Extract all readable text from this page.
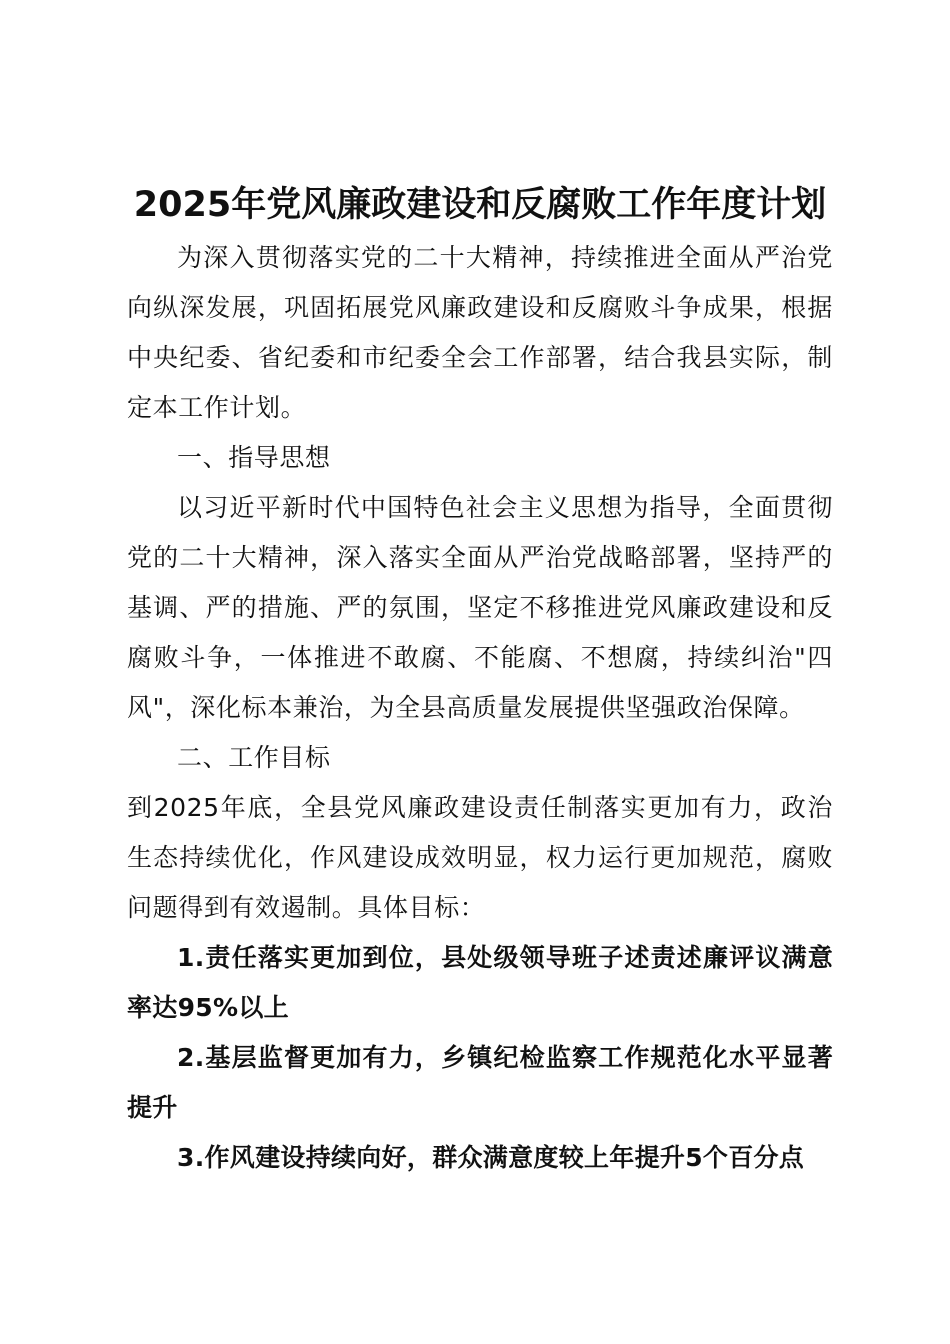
2025年党风廉政建设和反腐败工作年度计划

为深入贯彻落实党的二十大精神，持续推进全面从严治党向纵深发展，巩固拓展党风廉政建设和反腐败斗争成果，根据中央纪委、省纪委和市纪委全会工作部署，结合我县实际，制定本工作计划。

一、指导思想

以习近平新时代中国特色社会主义思想为指导，全面贯彻党的二十大精神，深入落实全面从严治党战略部署，坚持严的基调、严的措施、严的氛围，坚定不移推进党风廉政建设和反腐败斗争，一体推进不敢腐、不能腐、不想腐，持续纠治"四风"，深化标本兼治，为全县高质量发展提供坚强政治保障。

二、工作目标

到2025年底，全县党风廉政建设责任制落实更加有力，政治生态持续优化，作风建设成效明显，权力运行更加规范，腐败问题得到有效遏制。具体目标：

1.责任落实更加到位，县处级领导班子述责述廉评议满意率达95%以上

2.基层监督更加有力，乡镇纪检监察工作规范化水平显著提升

3.作风建设持续向好，群众满意度较上年提升5个百分点
